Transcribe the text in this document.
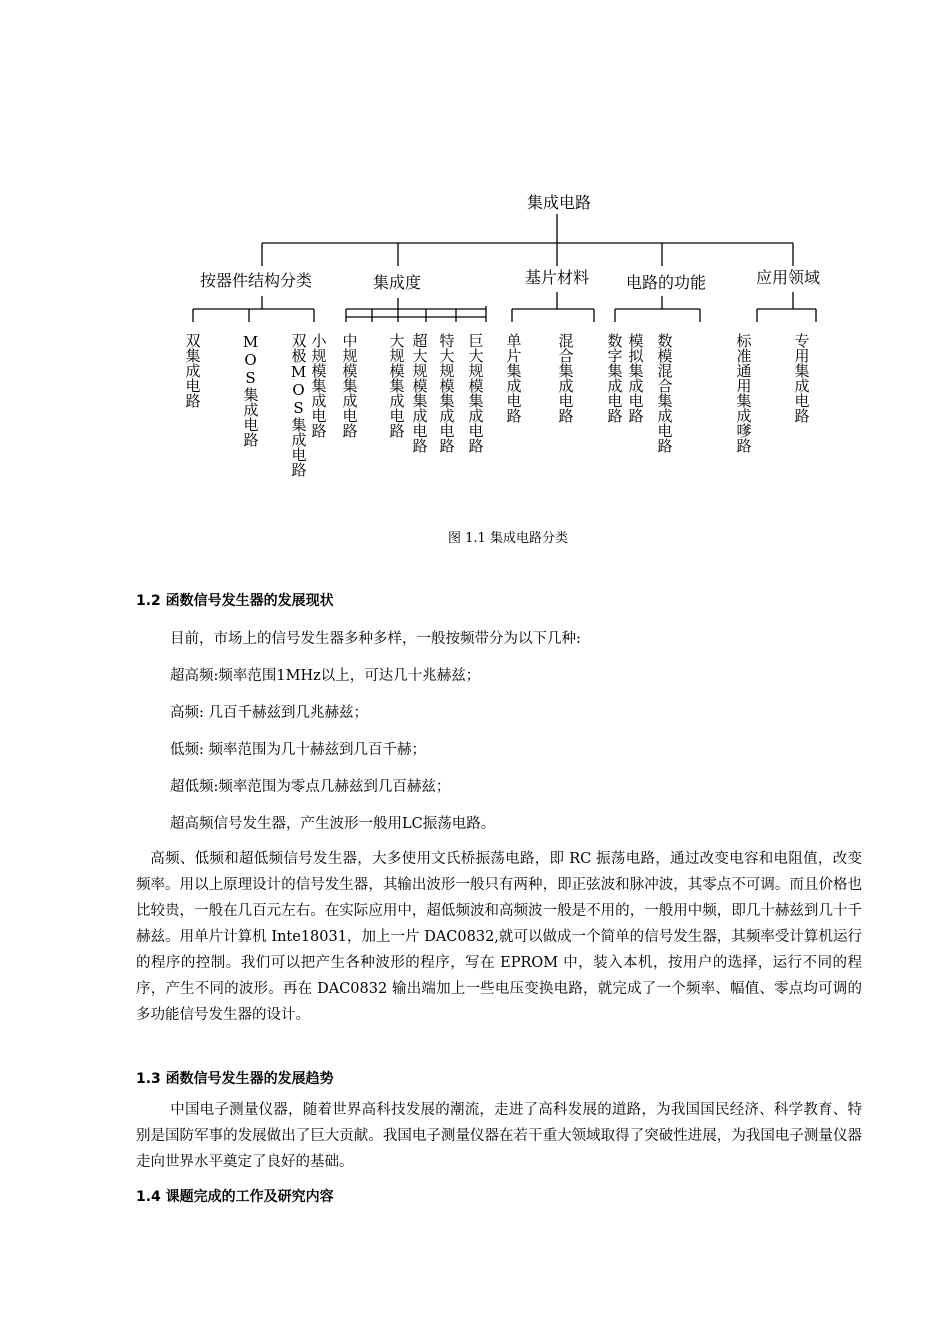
集成电路
按器件结构分类	集成度	基片材料 电路的功能	应用领域
双集成电路	MOS集成电路 双极MOS集成电路 小规模集成电路 中规模集成电路 大规模集成电路 超大规模集成电路 特大规模集成电路 巨大规模集成电路 单片集成电路 混合集成电路	模拟集成电路
数字集成电路 数模混合集成电路	标准通用集成嗲路	专用集成电路
图 1.1 集成电路分类
1.2 函数信号发生器的发展现状
目前，市场上的信号发生器多种多样，一般按频带分为以下几种:
超高频:频率范围1MHz以上，可达几十兆赫兹；
高频: 几百千赫兹到几兆赫兹；
低频: 频率范围为几十赫兹到几百千赫；
超低频:频率范围为零点几赫兹到几百赫兹；
超高频信号发生器，产生波形一般用LC振荡电路。
高频、低频和超低频信号发生器，大多使用文氏桥振荡电路，即 RC 振荡电路，通过改变电容和电阻值，改变频率。用以上原理设计的信号发生器，其输出波形一般只有两种，即正弦波和脉冲波，其零点不可调。而且价格也比较贵，一般在几百元左右。在实际应用中，超低频波和高频波一般是不用的，一般用中频，即几十赫兹到几十千赫兹。用单片计算机 Inte18031，加上一片 DAC0832,就可以做成一个简单的信号发生器，其频率受计算机运行的程序的控制。我们可以把产生各种波形的程序，写在 EPROM 中，装入本机，按用户的选择，运行不同的程序，产生不同的波形。再在 DAC0832 输出端加上一些电压变换电路，就完成了一个频率、幅值、零点均可调的多功能信号发生器的设计。
1.3 函数信号发生器的发展趋势
中国电子测量仪器，随着世界高科技发展的潮流，走进了高科发展的道路，为我国国民经济、科学教育、特别是国防军事的发展做出了巨大贡献。我国电子测量仪器在若干重大领域取得了突破性进展，为我国电子测量仪器走向世界水平奠定了良好的基础。
1.4 课题完成的工作及研究内容
